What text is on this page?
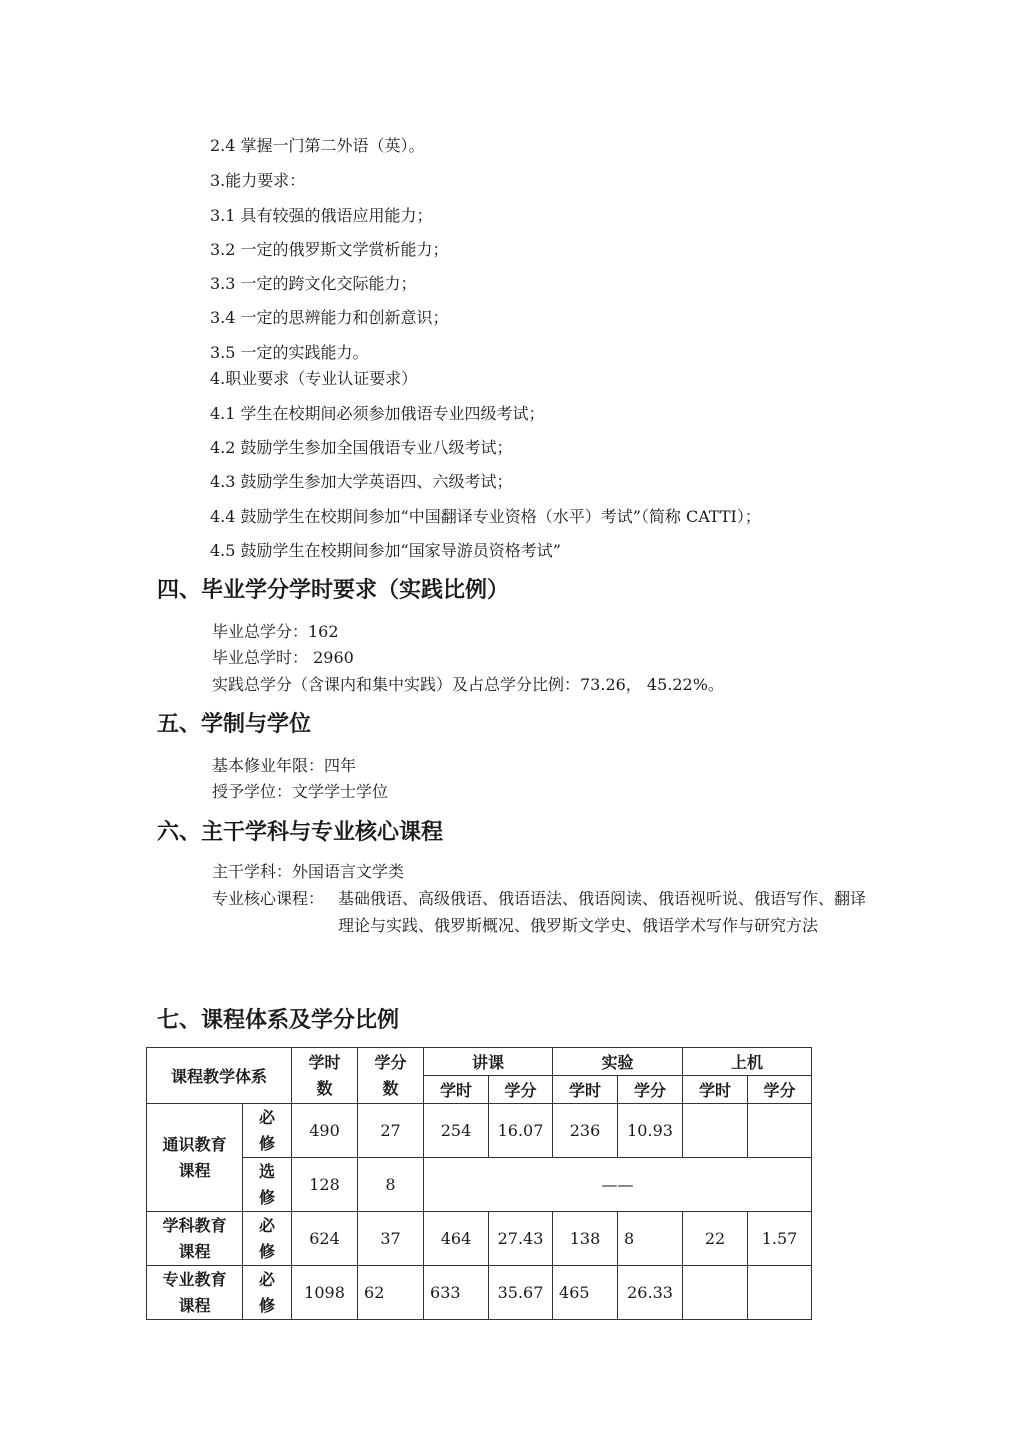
2.4 掌握一门第二外语（英）。
3.能力要求：
3.1 具有较强的俄语应用能力；
3.2 一定的俄罗斯文学赏析能力；
3.3 一定的跨文化交际能力；
3.4 一定的思辨能力和创新意识；
3.5 一定的实践能力。
4.职业要求（专业认证要求）
4.1 学生在校期间必须参加俄语专业四级考试；
4.2 鼓励学生参加全国俄语专业八级考试；
4.3 鼓励学生参加大学英语四、六级考试；
4.4 鼓励学生在校期间参加“中国翻译专业资格（水平）考试”（简称 CATTI）；
4.5 鼓励学生在校期间参加“国家导游员资格考试”
四、毕业学分学时要求（实践比例）
毕业总学分：162
毕业总学时： 2960
实践总学分（含课内和集中实践）及占总学分比例：73.26， 45.22%。
五、学制与学位
基本修业年限：四年
授予学位：文学学士学位
六、主干学科与专业核心课程
主干学科：外国语言文学类
专业核心课程： 基础俄语、高级俄语、俄语语法、俄语阅读、俄语视听说、俄语写作、翻译理论与实践、俄罗斯概况、俄罗斯文学史、俄语学术写作与研究方法
七、课程体系及学分比例
课程教学体系		学时数	学分数	讲课		实验		上机	
				学时	学分	学时	学分	学时	学分
通识教育课程	必修	490	27	254	16.07	236	10.93		
	选修	128	8	——					
学科教育课程	必修	624	37	464	27.43	138	8	22	1.57
专业教育课程	必修	1098	62	633	35.67	465	26.33		
